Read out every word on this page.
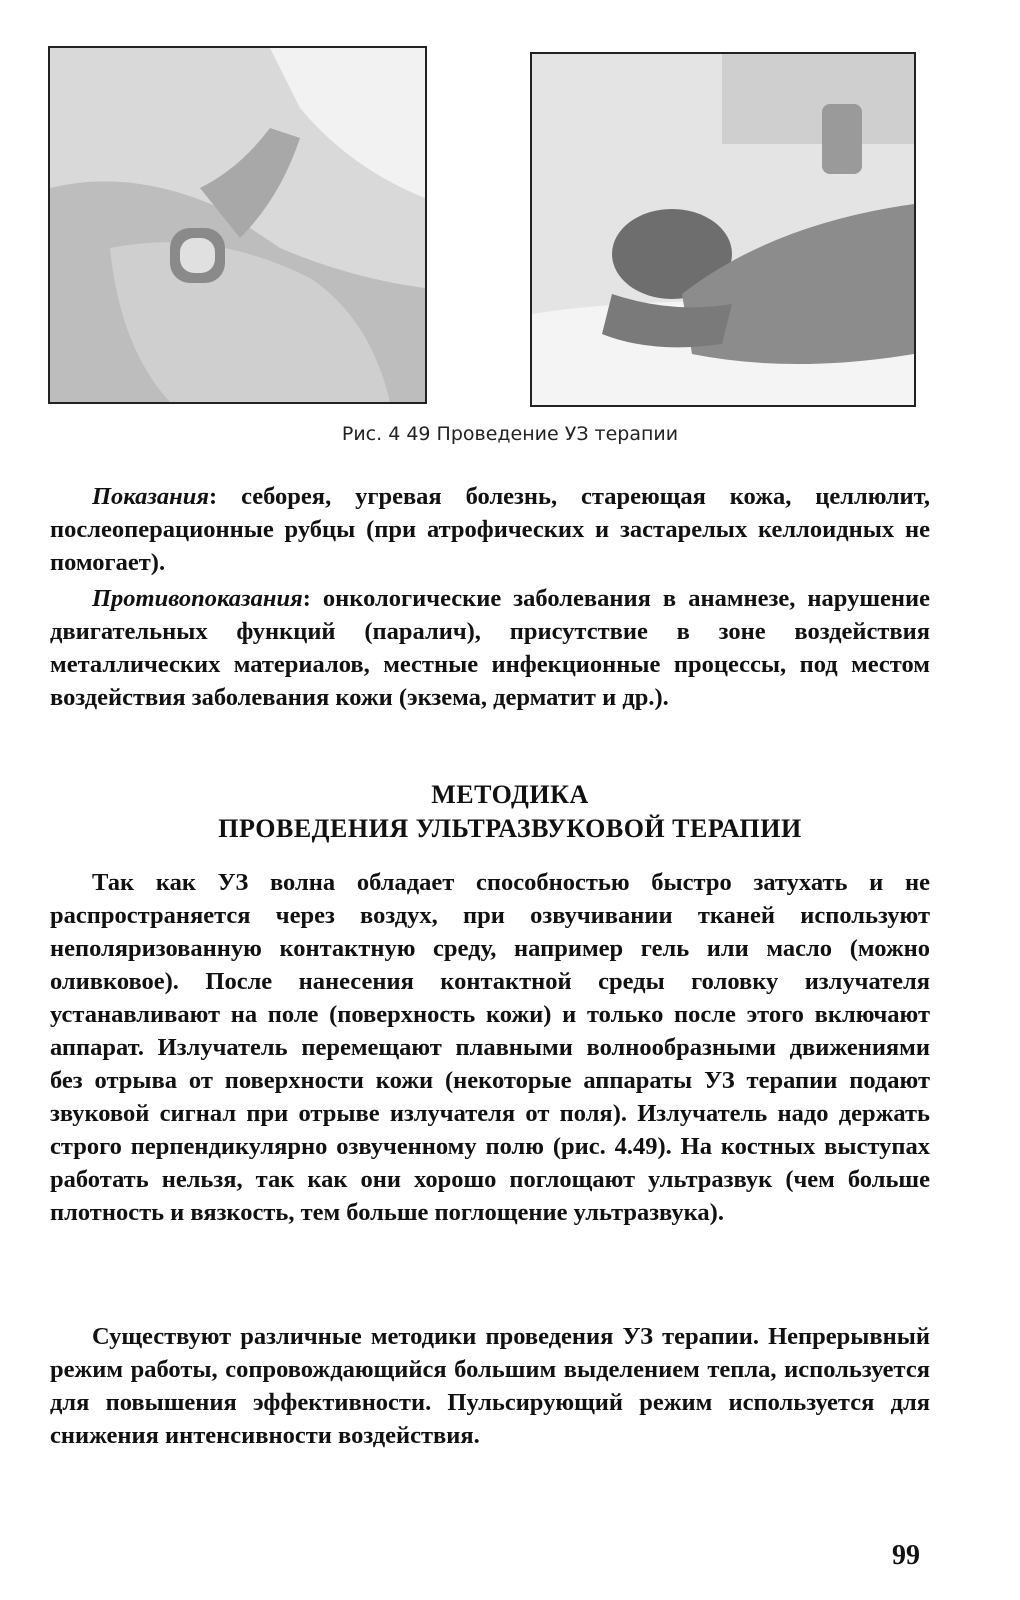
Рис. 4 49 Проведение УЗ терапии

Показания: себорея, угревая болезнь, стареющая кожа, целлюлит, послеоперационные рубцы (при атрофических и застарелых келлоидных не помогает).

Противопоказания: онкологические заболевания в анамнезе, нарушение двигательных функций (паралич), присутствие в зоне воздействия металлических материалов, местные инфекционные процессы, под местом воздействия заболевания кожи (экзема, дерматит и др.).

МЕТОДИКА
ПРОВЕДЕНИЯ УЛЬТРАЗВУКОВОЙ ТЕРАПИИ

Так как УЗ волна обладает способностью быстро затухать и не распространяется через воздух, при озвучивании тканей используют неполяризованную контактную среду, например гель или масло (можно оливковое). После нанесения контактной среды головку излучателя устанавливают на поле (поверхность кожи) и только после этого включают аппарат. Излучатель перемещают плавными волнообразными движениями без отрыва от поверхности кожи (некоторые аппараты УЗ терапии подают звуковой сигнал при отрыве излучателя от поля). Излучатель надо держать строго перпендикулярно озвученному полю (рис. 4.49). На костных выступах работать нельзя, так как они хорошо поглощают ультразвук (чем больше плотность и вязкость, тем больше поглощение ультразвука).

Существуют различные методики проведения УЗ терапии. Непрерывный режим работы, сопровождающийся большим выделением тепла, используется для повышения эффективности. Пульсирующий режим используется для снижения интенсивности воздействия.

99
